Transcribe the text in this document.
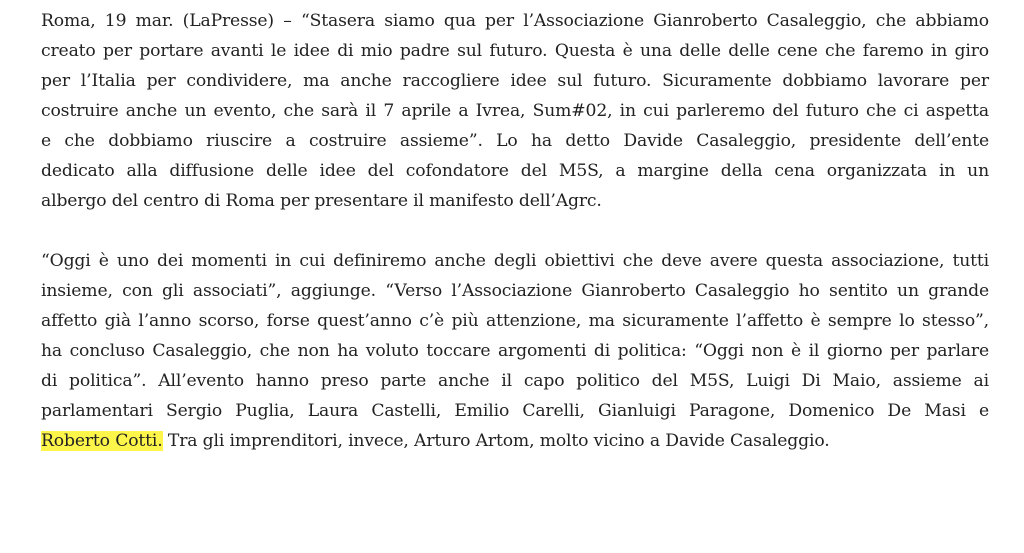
Roma, 19 mar. (LaPresse) – “Stasera siamo qua per l’Associazione Gianroberto Casaleggio, che abbiamo
creato per portare avanti le idee di mio padre sul futuro. Questa è una delle delle cene che faremo in giro
per l’Italia per condividere, ma anche raccogliere idee sul futuro. Sicuramente dobbiamo lavorare per
costruire anche un evento, che sarà il 7 aprile a Ivrea, Sum#02, in cui parleremo del futuro che ci aspetta
e che dobbiamo riuscire a costruire assieme”. Lo ha detto Davide Casaleggio, presidente dell’ente
dedicato alla diffusione delle idee del cofondatore del M5S, a margine della cena organizzata in un
albergo del centro di Roma per presentare il manifesto dell’Agrc.

“Oggi è uno dei momenti in cui definiremo anche degli obiettivi che deve avere questa associazione, tutti
insieme, con gli associati”, aggiunge. “Verso l’Associazione Gianroberto Casaleggio ho sentito un grande
affetto già l’anno scorso, forse quest’anno c’è più attenzione, ma sicuramente l’affetto è sempre lo stesso”,
ha concluso Casaleggio, che non ha voluto toccare argomenti di politica: “Oggi non è il giorno per parlare
di politica”. All’evento hanno preso parte anche il capo politico del M5S, Luigi Di Maio, assieme ai
parlamentari Sergio Puglia, Laura Castelli, Emilio Carelli, Gianluigi Paragone, Domenico De Masi e
Roberto Cotti. Tra gli imprenditori, invece, Arturo Artom, molto vicino a Davide Casaleggio.
